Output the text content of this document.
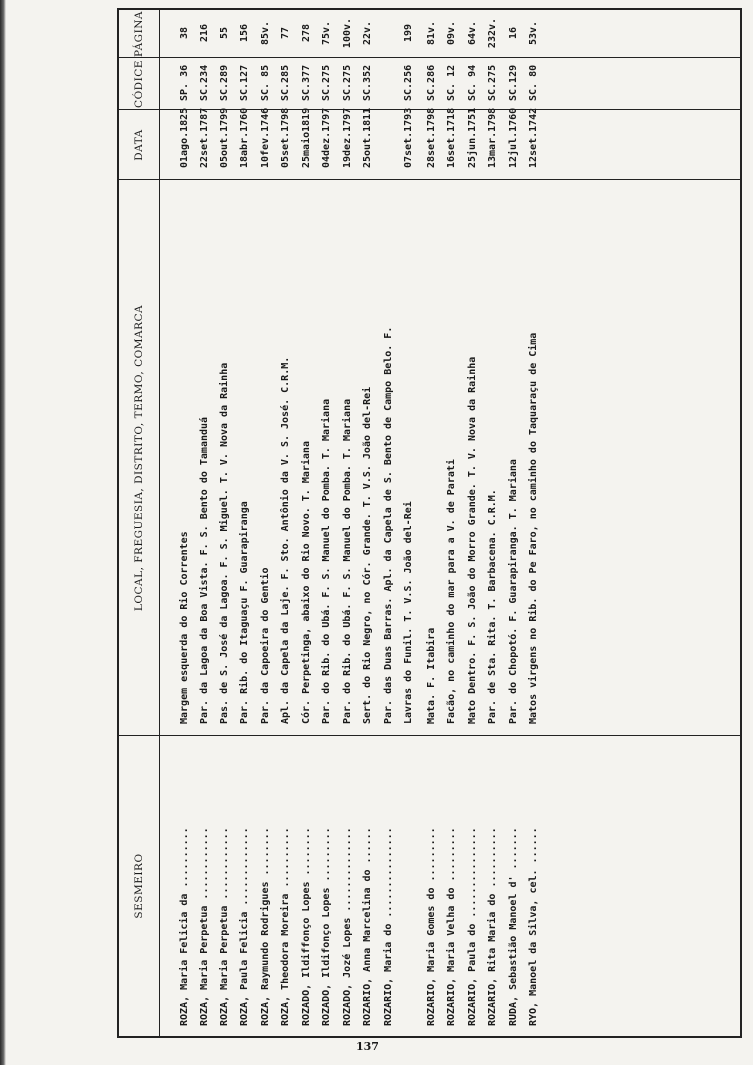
SESMEIRO
LOCAL, FREGUESIA, DISTRITO, TERMO, COMARCA
DATA
CÓDICE
PÁGINA
ROZA, Maria Felicia da ..........
Margem esquerda do Rio Correntes
01ago.1825
SP. 36
38
ROZA, Maria Perpetua ............
Par. da Lagoa da Boa Vista. F. S. Bento do Tamanduá
22set.1787
SC.234
216
ROZA, Maria Perpetua ............
Pas. de S. José da Lagoa. F. S. Miguel. T. V. Nova da Rainha
05out.1799
SC.289
55
ROZA, Paula Felicia .............
Par. Rib. do Itaguaçu F. Guarapiranga
18abr.1760
SC.127
156
ROZA, Raymundo Rodrigues ........
Par. da Capoeira do Gentio
10fev.1746
SC. 85
85v.
ROZA, Theodora Moreira ..........
Apl. da Capela da Laje. F. Sto. Antônio da V. S. José. C.R.M.
05set.1798
SC.285
77
ROZADO, Ildiffonço Lopes ........
Cór. Perpetinga, abaixo do Rio Novo. T. Mariana
25maio1819
SC.377
278
ROZADO, Ildifonço Lopes .........
Par. do Rib. do Ubá. F. S. Manuel do Pomba. T. Mariana
04dez.1797
SC.275
75v.
ROZADO, Jozé Lopes ..............
Par. do Rib. do Ubá. F. S. Manuel do Pomba. T. Mariana
19dez.1797
SC.275
100v.
ROZARIO, Anna Marcelina do ......
Sert. do Rio Negro, no Cór. Grande. T. V.S. João del-Rei
25out.1811
SC.352
22v.
ROZARIO, Maria do ...............
Par. das Duas Barras. Apl. da Capela de S. Bento de Campo Belo. F. Lavras do Funil. T. V.S. João del-Rei
07set.1793
SC.256
199
ROZARIO, Maria Gomes do .........
Mata. F. Itabira
28set.1798
SC.286
81v.
ROZARIO, Maria Velha do .........
Facão, no caminho do mar para a V. de Parati
16set.1718
SC. 12
09v.
ROZARIO, Paula do ...............
Mato Dentro. F. S. João do Morro Grande. T. V. Nova da Rainha
25jun.1751
SC. 94
64v.
ROZARIO, Rita Maria do ..........
Par. de Sta. Rita. T. Barbacena. C.R.M.
13mar.1798
SC.275
232v.
RUDA, Sebastião Manoel d' .......
Par. do Chopotó. F. Guarapiranga. T. Mariana
12jul.1760
SC.129
16
RYO, Manoel da Silva, cel. ......
Matos virgens no Rib. do Pe Faro, no caminho do Taquaraçu de Cima
12set.1742
SC. 80
53v.
137
